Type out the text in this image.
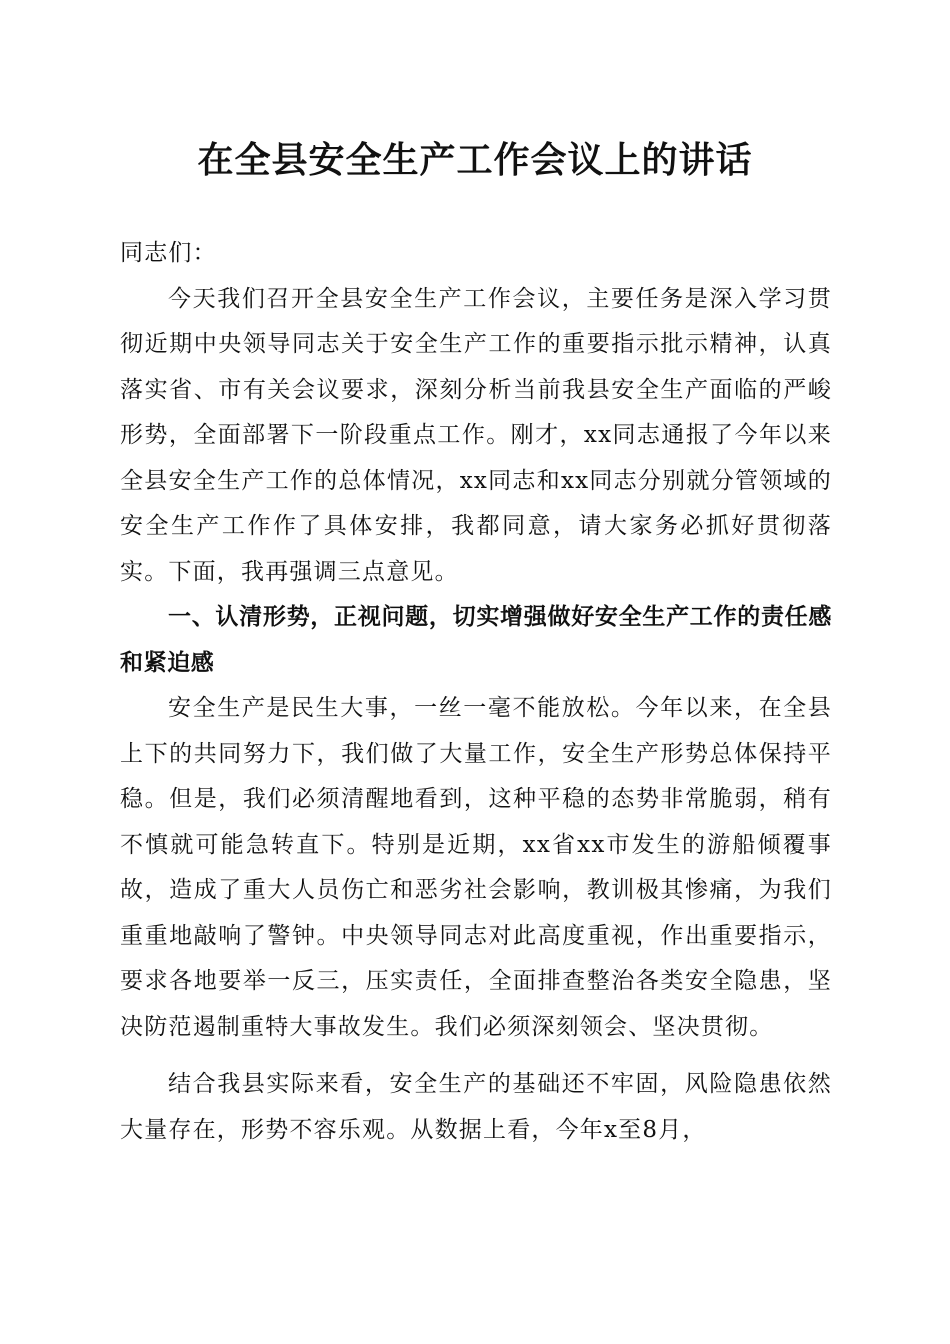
在全县安全生产工作会议上的讲话

同志们：

今天我们召开全县安全生产工作会议，主要任务是深入学习贯彻近期中央领导同志关于安全生产工作的重要指示批示精神，认真落实省、市有关会议要求，深刻分析当前我县安全生产面临的严峻形势，全面部署下一阶段重点工作。刚才，xx同志通报了今年以来全县安全生产工作的总体情况，xx同志和xx同志分别就分管领域的安全生产工作作了具体安排，我都同意，请大家务必抓好贯彻落实。下面，我再强调三点意见。

一、认清形势，正视问题，切实增强做好安全生产工作的责任感和紧迫感

安全生产是民生大事，一丝一毫不能放松。今年以来，在全县上下的共同努力下，我们做了大量工作，安全生产形势总体保持平稳。但是，我们必须清醒地看到，这种平稳的态势非常脆弱，稍有不慎就可能急转直下。特别是近期，xx省xx市发生的游船倾覆事故，造成了重大人员伤亡和恶劣社会影响，教训极其惨痛，为我们重重地敲响了警钟。中央领导同志对此高度重视，作出重要指示，要求各地要举一反三，压实责任，全面排查整治各类安全隐患，坚决防范遏制重特大事故发生。我们必须深刻领会、坚决贯彻。

结合我县实际来看，安全生产的基础还不牢固，风险隐患依然大量存在，形势不容乐观。从数据上看，今年x至8月，
